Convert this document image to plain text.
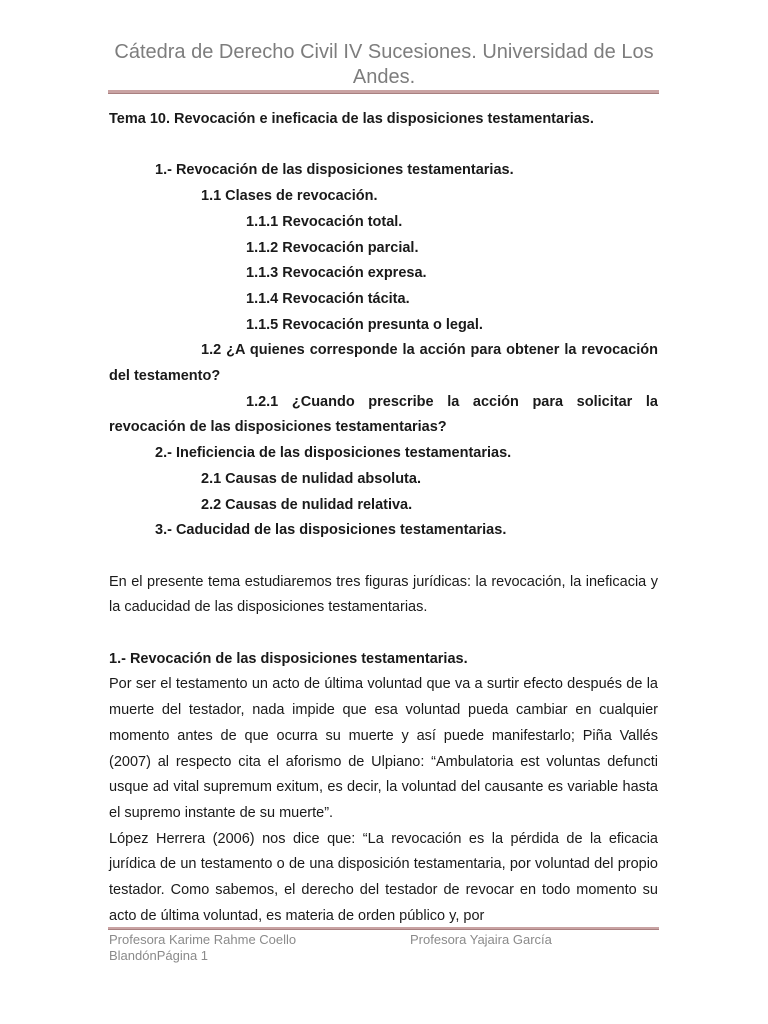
Cátedra de Derecho Civil IV Sucesiones. Universidad de Los Andes.

Tema 10. Revocación e ineficacia de las disposiciones testamentarias.

1.- Revocación de las disposiciones testamentarias.

1.1 Clases de revocación.

1.1.1 Revocación total.

1.1.2 Revocación parcial.

1.1.3 Revocación expresa.

1.1.4 Revocación tácita.

1.1.5 Revocación presunta o legal.

1.2 ¿A quienes corresponde la acción para obtener la revocación del testamento?

1.2.1 ¿Cuando prescribe la acción para solicitar la revocación de las disposiciones testamentarias?

2.- Ineficiencia de las disposiciones testamentarias.

2.1 Causas de nulidad absoluta.

2.2 Causas de nulidad relativa.

3.- Caducidad de las disposiciones testamentarias.

En el presente tema estudiaremos tres figuras jurídicas: la revocación, la ineficacia y la caducidad de las disposiciones testamentarias.

1.- Revocación de las disposiciones testamentarias.

Por ser el testamento un acto de última voluntad que va a surtir efecto después de la muerte del testador, nada impide que esa voluntad pueda cambiar en cualquier momento antes de que ocurra su muerte y así puede manifestarlo; Piña Vallés (2007) al respecto cita el aforismo de Ulpiano: “Ambulatoria est voluntas defuncti usque ad vital supremum exitum, es decir, la voluntad del causante es variable hasta el supremo instante de su muerte”.

López Herrera (2006) nos dice que: “La revocación es la pérdida de la eficacia jurídica de un testamento o de una disposición testamentaria, por voluntad del propio testador. Como sabemos, el derecho del testador de revocar en todo momento su acto de última voluntad, es materia de orden público y, por

Profesora Karime Rahme Coello BlandónPágina 1
Profesora Yajaira García
